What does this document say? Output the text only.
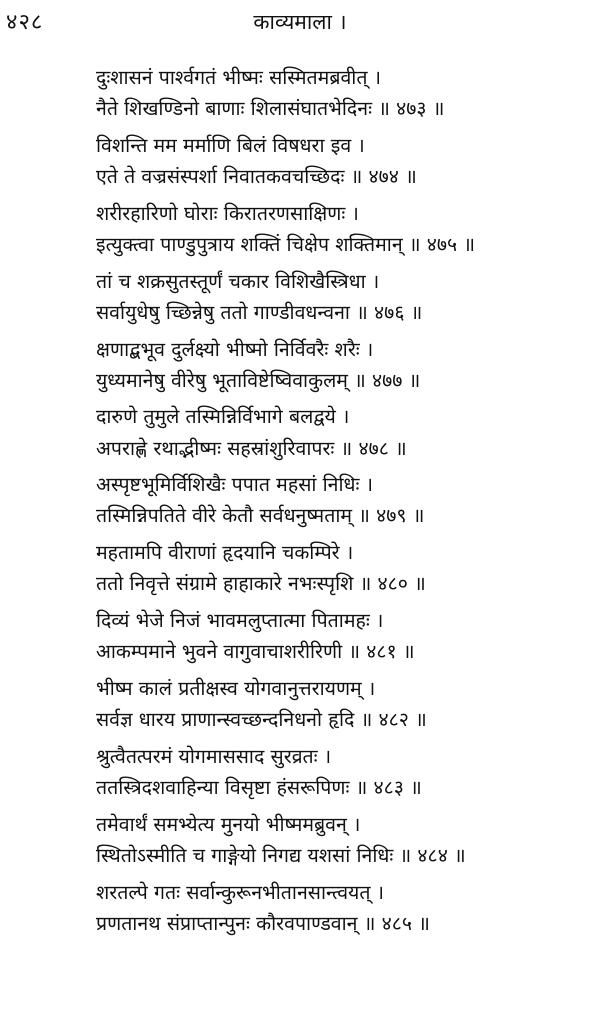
४२८	काव्यमाला ।
दुःशासनं पार्श्वगतं भीष्मः सस्मितमब्रवीत् ।
नैते शिखण्डिनो बाणाः शिलासंघातभेदिनः ॥ ४७३ ॥
विशन्ति मम मर्माणि बिलं विषधरा इव ।
एते ते वज्रसंस्पर्शा निवातकवचच्छिदः ॥ ४७४ ॥
शरीरहारिणो घोराः किरातरणसाक्षिणः ।
इत्युक्त्वा पाण्डुपुत्राय शक्तिं चिक्षेप शक्तिमान् ॥ ४७५ ॥
तां च शक्रसुतस्तूर्णं चकार विशिखैस्त्रिधा ।
सर्वायुधेषु च्छिन्नेषु ततो गाण्डीवधन्वना ॥ ४७६ ॥
क्षणाद्बभूव दुर्लक्ष्यो भीष्मो निर्विवरैः शरैः ।
युध्यमानेषु वीरेषु भूताविष्टेष्विवाकुलम् ॥ ४७७ ॥
दारुणे तुमुले तस्मिन्निर्विभागे बलद्वये ।
अपराह्णे रथाद्भीष्मः सहस्रांशुरिवापरः ॥ ४७८ ॥
अस्पृष्टभूमिर्विशिखैः पपात महसां निधिः ।
तस्मिन्निपतिते वीरे केतौ सर्वधनुष्मताम् ॥ ४७९ ॥
महतामपि वीराणां हृदयानि चकम्पिरे ।
ततो निवृत्ते संग्रामे हाहाकारे नभःस्पृशि ॥ ४८० ॥
दिव्यं भेजे निजं भावमलुप्तात्मा पितामहः ।
आकम्पमाने भुवने वागुवाचाशरीरिणी ॥ ४८१ ॥
भीष्म कालं प्रतीक्षस्व योगवानुत्तरायणम् ।
सर्वज्ञ धारय प्राणान्स्वच्छन्दनिधनो हृदि ॥ ४८२ ॥
श्रुत्वैतत्परमं योगमाससाद सुरव्रतः ।
ततस्त्रिदशवाहिन्या विसृष्टा हंसरूपिणः ॥ ४८३ ॥
तमेवार्थं समभ्येत्य मुनयो भीष्ममब्रुवन् ।
स्थितोऽस्मीति च गाङ्गेयो निगद्य यशसां निधिः ॥ ४८४ ॥
शरतल्पे गतः सर्वान्कुरूनभीतानसान्त्वयत् ।
प्रणतानथ संप्राप्तान्पुनः कौरवपाण्डवान् ॥ ४८५ ॥
